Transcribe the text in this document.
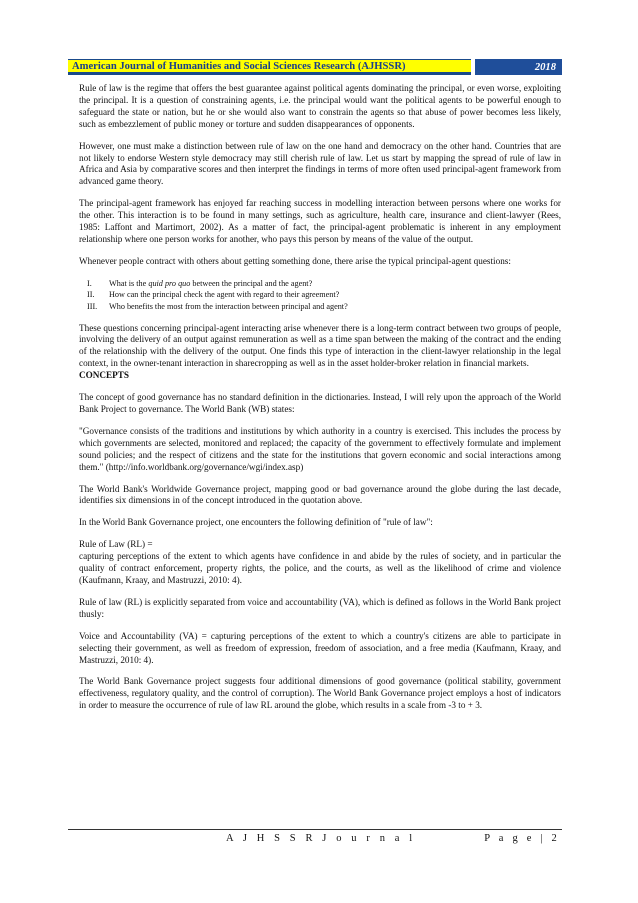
American Journal of Humanities and Social Sciences Research (AJHSSR)	2018

Rule of law is the regime that offers the best guarantee against political agents dominating the principal, or even worse, exploiting the principal. It is a question of constraining agents, i.e. the principal would want the political agents to be powerful enough to safeguard the state or nation, but he or she would also want to constrain the agents so that abuse of power becomes less likely, such as embezzlement of public money or torture and sudden disappearances of opponents.

However, one must make a distinction between rule of law on the one hand and democracy on the other hand. Countries that are not likely to endorse Western style democracy may still cherish rule of law. Let us start by mapping the spread of rule of law in Africa and Asia by comparative scores and then interpret the findings in terms of more often used principal-agent framework from advanced game theory.

The principal-agent framework has enjoyed far reaching success in modelling interaction between persons where one works for the other. This interaction is to be found in many settings, such as agriculture, health care, insurance and client-lawyer (Rees, 1985: Laffont and Martimort, 2002). As a matter of fact, the principal-agent problematic is inherent in any employment relationship where one person works for another, who pays this person by means of the value of the output.

Whenever people contract with others about getting something done, there arise the typical principal-agent questions:

I.	What is the quid pro quo between the principal and the agent?
II.	How can the principal check the agent with regard to their agreement?
III.	Who benefits the most from the interaction between principal and agent?

These questions concerning principal-agent interacting arise whenever there is a long-term contract between two groups of people, involving the delivery of an output against remuneration as well as a time span between the making of the contract and the ending of the relationship with the delivery of the output. One finds this type of interaction in the client-lawyer relationship in the legal context, in the owner-tenant interaction in sharecropping as well as in the asset holder-broker relation in financial markets.

CONCEPTS

The concept of good governance has no standard definition in the dictionaries. Instead, I will rely upon the approach of the World Bank Project to governance. The World Bank (WB) states:

"Governance consists of the traditions and institutions by which authority in a country is exercised. This includes the process by which governments are selected, monitored and replaced; the capacity of the government to effectively formulate and implement sound policies; and the respect of citizens and the state for the institutions that govern economic and social interactions among them." (http://info.worldbank.org/governance/wgi/index.asp)

The World Bank's Worldwide Governance project, mapping good or bad governance around the globe during the last decade, identifies six dimensions in of the concept introduced in the quotation above.

In the World Bank Governance project, one encounters the following definition of "rule of law":

Rule of Law (RL) =

capturing perceptions of the extent to which agents have confidence in and abide by the rules of society, and in particular the quality of contract enforcement, property rights, the police, and the courts, as well as the likelihood of crime and violence (Kaufmann, Kraay, and Mastruzzi, 2010: 4).

Rule of law (RL) is explicitly separated from voice and accountability (VA), which is defined as follows in the World Bank project thusly:

Voice and Accountability (VA) = capturing perceptions of the extent to which a country's citizens are able to participate in selecting their government, as well as freedom of expression, freedom of association, and a free media (Kaufmann, Kraay, and Mastruzzi, 2010: 4).

The World Bank Governance project suggests four additional dimensions of good governance (political stability, government effectiveness, regulatory quality, and the control of corruption). The World Bank Governance project employs a host of indicators in order to measure the occurrence of rule of law RL around the globe, which results in a scale from -3 to + 3.

A J H S S R J o u r n a l	P a g e | 2
